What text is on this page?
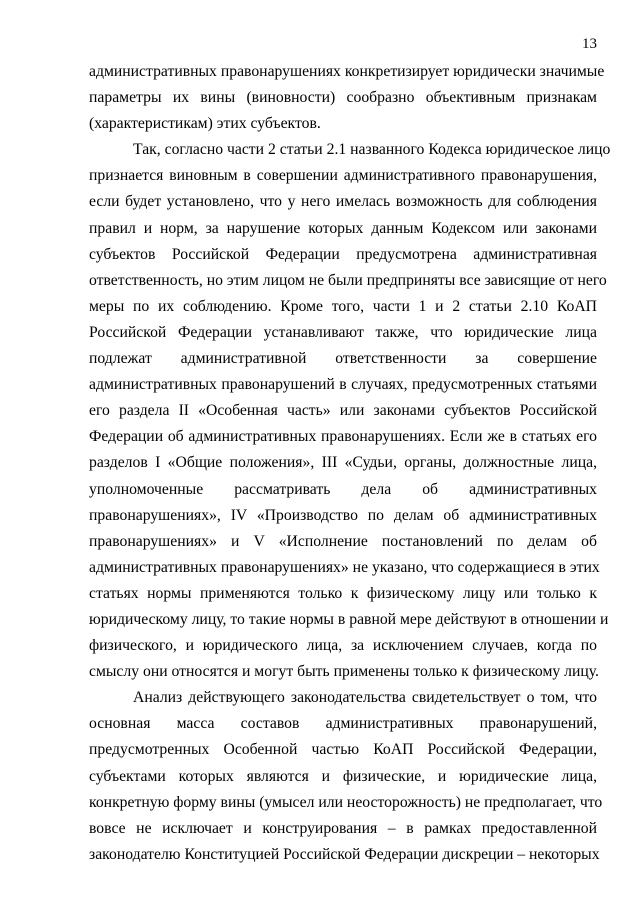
13
административных правонарушениях конкретизирует юридически значимые
параметры их вины (виновности) сообразно объективным признакам
(характеристикам) этих субъектов.
Так, согласно части 2 статьи 2.1 названного Кодекса юридическое лицо
признается виновным в совершении административного правонарушения,
если будет установлено, что у него имелась возможность для соблюдения
правил и норм, за нарушение которых данным Кодексом или законами
субъектов Российской Федерации предусмотрена административная
ответственность, но этим лицом не были предприняты все зависящие от него
меры по их соблюдению. Кроме того, части 1 и 2 статьи 2.10 КоАП
Российской Федерации устанавливают также, что юридические лица
подлежат административной ответственности за совершение
административных правонарушений в случаях, предусмотренных статьями
его раздела II «Особенная часть» или законами субъектов Российской
Федерации об административных правонарушениях. Если же в статьях его
разделов I «Общие положения», III «Судьи, органы, должностные лица,
уполномоченные рассматривать дела об административных
правонарушениях», IV «Производство по делам об административных
правонарушениях» и V «Исполнение постановлений по делам об
административных правонарушениях» не указано, что содержащиеся в этих
статьях нормы применяются только к физическому лицу или только к
юридическому лицу, то такие нормы в равной мере действуют в отношении и
физического, и юридического лица, за исключением случаев, когда по
смыслу они относятся и могут быть применены только к физическому лицу.
Анализ действующего законодательства свидетельствует о том, что
основная масса составов административных правонарушений,
предусмотренных Особенной частью КоАП Российской Федерации,
субъектами которых являются и физические, и юридические лица,
конкретную форму вины (умысел или неосторожность) не предполагает, что
вовсе не исключает и конструирования – в рамках предоставленной
законодателю Конституцией Российской Федерации дискреции – некоторых
